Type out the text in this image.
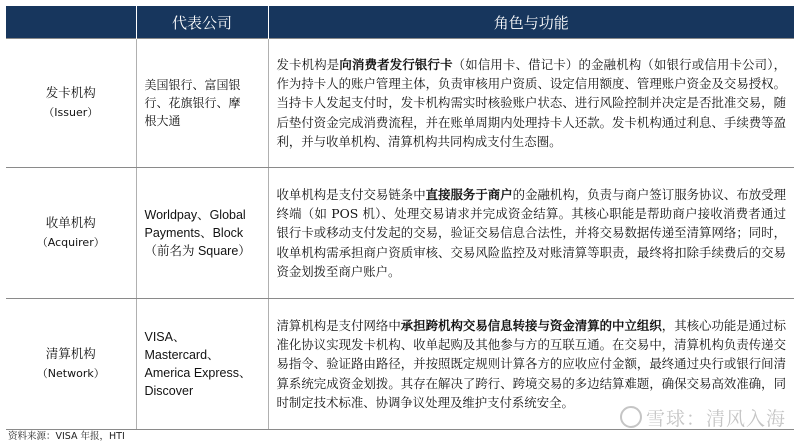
	代表公司	角色与功能

发卡机构
（Issuer）	美国银行、富国银
行、花旗银行、摩
根大通	发卡机构是向消费者发行银行卡（如信用卡、借记卡）的金融机构（如银行或信用卡公司），作为持卡人的账户管理主体，负责审核用户资质、设定信用额度、管理账户资金及交易授权。当持卡人发起支付时，发卡机构需实时核验账户状态、进行风险控制并决定是否批准交易，随后垫付资金完成消费流程，并在账单周期内处理持卡人还款。发卡机构通过利息、手续费等盈利，并与收单机构、清算机构共同构成支付生态圈。

收单机构
（Acquirer）	Worldpay、Global
Payments、Block
（前名为 Square）	收单机构是支付交易链条中直接服务于商户的金融机构，负责与商户签订服务协议、布放受理终端（如 POS 机）、处理交易请求并完成资金结算。其核心职能是帮助商户接收消费者通过银行卡或移动支付发起的交易，验证交易信息合法性，并将交易数据传递至清算网络；同时，收单机构需承担商户资质审核、交易风险监控及对账清算等职责，最终将扣除手续费后的交易资金划拨至商户账户。

清算机构
（Network）	VISA、
Mastercard、
America Express、
Discover	清算机构是支付网络中承担跨机构交易信息转接与资金清算的中立组织，其核心功能是通过标准化协议实现发卡机构、收单起购及其他参与方的互联互通。在交易中，清算机构负责传递交易指令、验证路由路径，并按照既定规则计算各方的应收应付金额，最终通过央行或银行间清算系统完成资金划拨。其存在解决了跨行、跨境交易的多边结算难题，确保交易高效准确，同时制定技术标准、协调争议处理及维护支付系统安全。
资料来源：VISA 年报，HTI
雪球：清风入海
